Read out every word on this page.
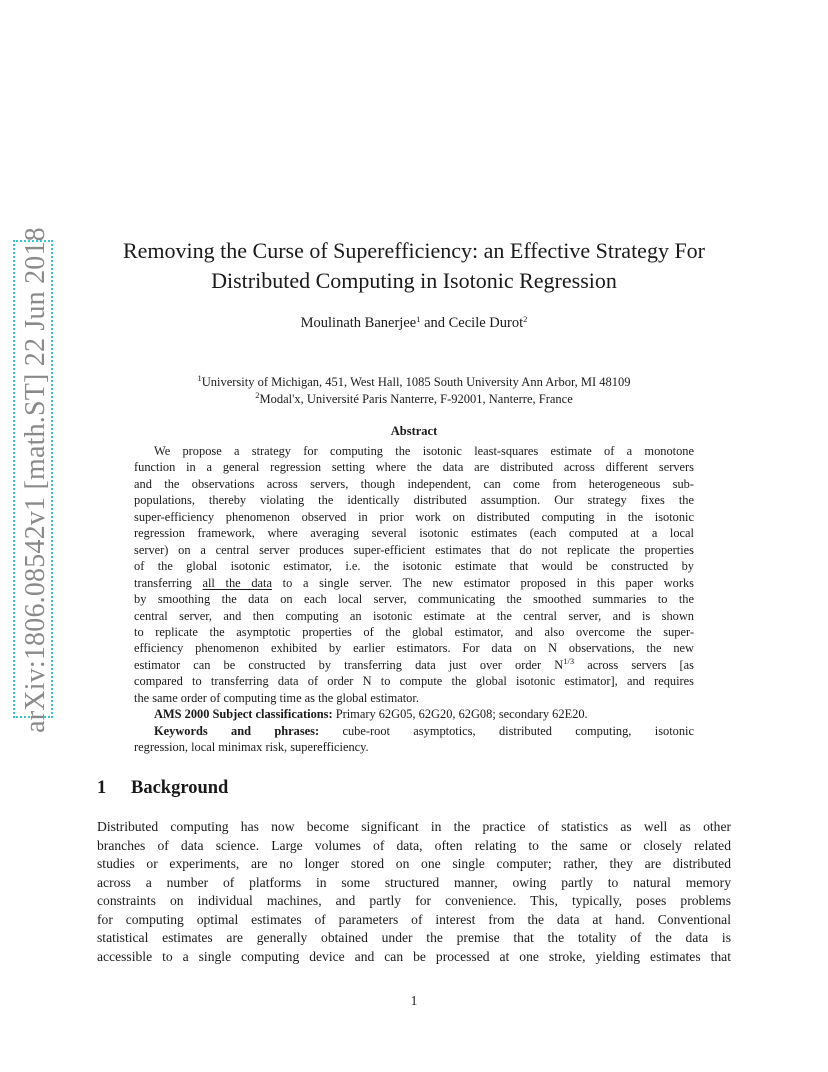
arXiv:1806.08542v1 [math.ST] 22 Jun 2018	Removing the Curse of Superefficiency: an Effective Strategy For
Distributed Computing in Isotonic Regression
Moulinath Banerjee$^1$ and Cecile Durot$^2$
$^1$University of Michigan, 451, West Hall, 1085 South University Ann Arbor, MI 48109
$^2$Modal'x, Université Paris Nanterre, F-92001, Nanterre, France
Abstract
We propose a strategy for computing the isotonic least-squares estimate of a monotone
function in a general regression setting where the data are distributed across different servers
and the observations across servers, though independent, can come from heterogeneous sub-
populations, thereby violating the identically distributed assumption. Our strategy fixes the
super-efficiency phenomenon observed in prior work on distributed computing in the isotonic
regression framework, where averaging several isotonic estimates (each computed at a local
server) on a central server produces super-efficient estimates that do not replicate the properties
of the global isotonic estimator, i.e. the isotonic estimate that would be constructed by
transferring all the data to a single server. The new estimator proposed in this paper works
by smoothing the data on each local server, communicating the smoothed summaries to the
central server, and then computing an isotonic estimate at the central server, and is shown
to replicate the asymptotic properties of the global estimator, and also overcome the super-
efficiency phenomenon exhibited by earlier estimators. For data on N observations, the new
estimator can be constructed by transferring data just over order $N^{1/3}$ across servers [as
compared to transferring data of order N to compute the global isotonic estimator], and requires
the same order of computing time as the global estimator.
AMS 2000 Subject classifications: Primary 62G05, 62G20, 62G08; secondary 62E20.
Keywords and phrases: cube-root asymptotics, distributed computing, isotonic
regression, local minimax risk, superefficiency.
1 Background
Distributed computing has now become significant in the practice of statistics as well as other
branches of data science. Large volumes of data, often relating to the same or closely related
studies or experiments, are no longer stored on one single computer; rather, they are distributed
across a number of platforms in some structured manner, owing partly to natural memory
constraints on individual machines, and partly for convenience. This, typically, poses problems
for computing optimal estimates of parameters of interest from the data at hand. Conventional
statistical estimates are generally obtained under the premise that the totality of the data is
accessible to a single computing device and can be processed at one stroke, yielding estimates that
1
